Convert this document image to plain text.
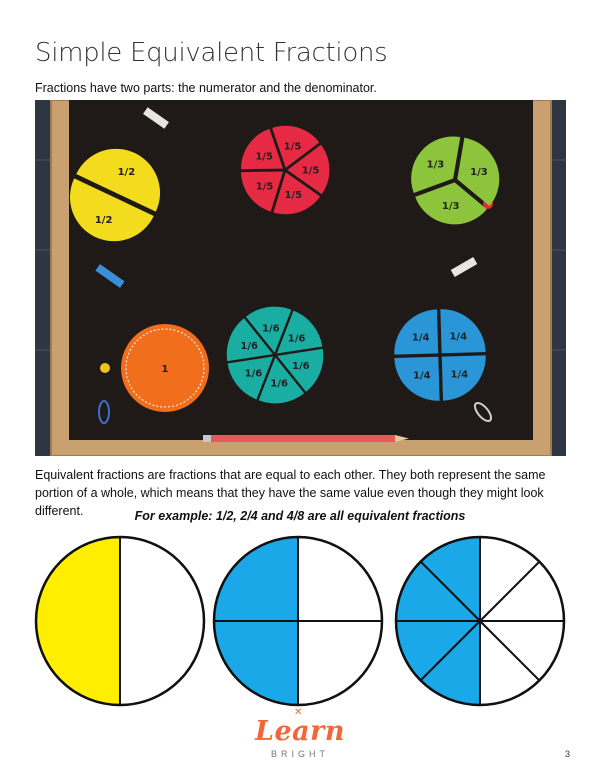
Simple Equivalent Fractions
Fractions have two parts: the numerator and the denominator.
1/2
1/2
1/5
1/5
1/5
1/5
1/5
1/3
1/3
1/3
1
1/6
1/6
1/6
1/6
1/6
1/6
1/4
1/4
1/4
1/4
Equivalent fractions are fractions that are equal to each other. They both represent the same portion of a whole, which means that they have the same value even though they might look different.	For example: 1/2, 2/4 and 4/8 are all equivalent fractions
✕
Learn
BRIGHT	3
